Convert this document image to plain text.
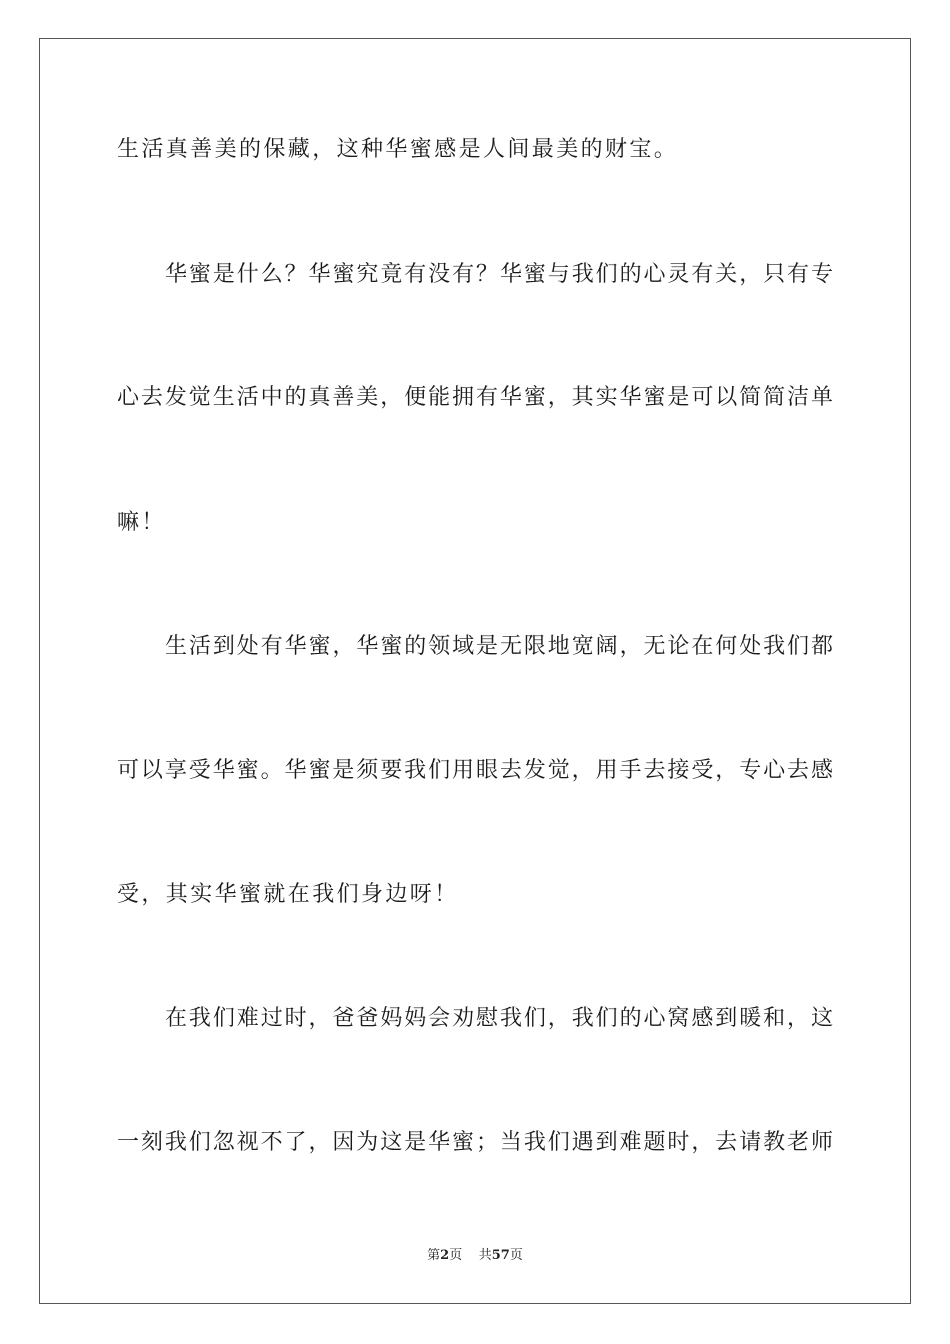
生活真善美的保藏，这种华蜜感是人间最美的财宝。
华蜜是什么？华蜜究竟有没有？华蜜与我们的心灵有关，只有专
心去发觉生活中的真善美，便能拥有华蜜，其实华蜜是可以简简洁单
嘛！
生活到处有华蜜，华蜜的领域是无限地宽阔，无论在何处我们都
可以享受华蜜。华蜜是须要我们用眼去发觉，用手去接受，专心去感
受，其实华蜜就在我们身边呀！
在我们难过时，爸爸妈妈会劝慰我们，我们的心窝感到暖和，这
一刻我们忽视不了，因为这是华蜜；当我们遇到难题时，去请教老师
第2页 共57页
